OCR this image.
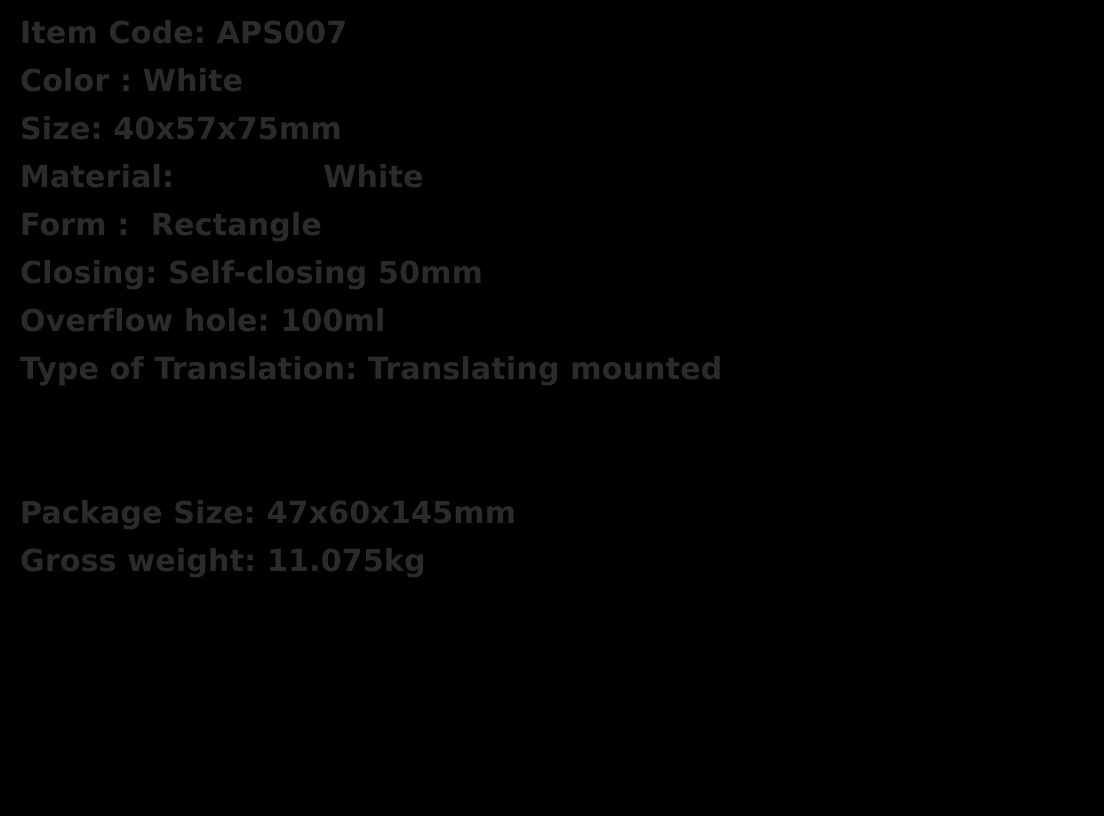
Item Code: APS007
Color : White
Size: 40x57x75mm
Material:              White
Form :  Rectangle
Closing: Self-closing 50mm
Overflow hole: 100ml
Type of Translation: Translating mounted
Package Size: 47x60x145mm
Gross weight: 11.075kg
